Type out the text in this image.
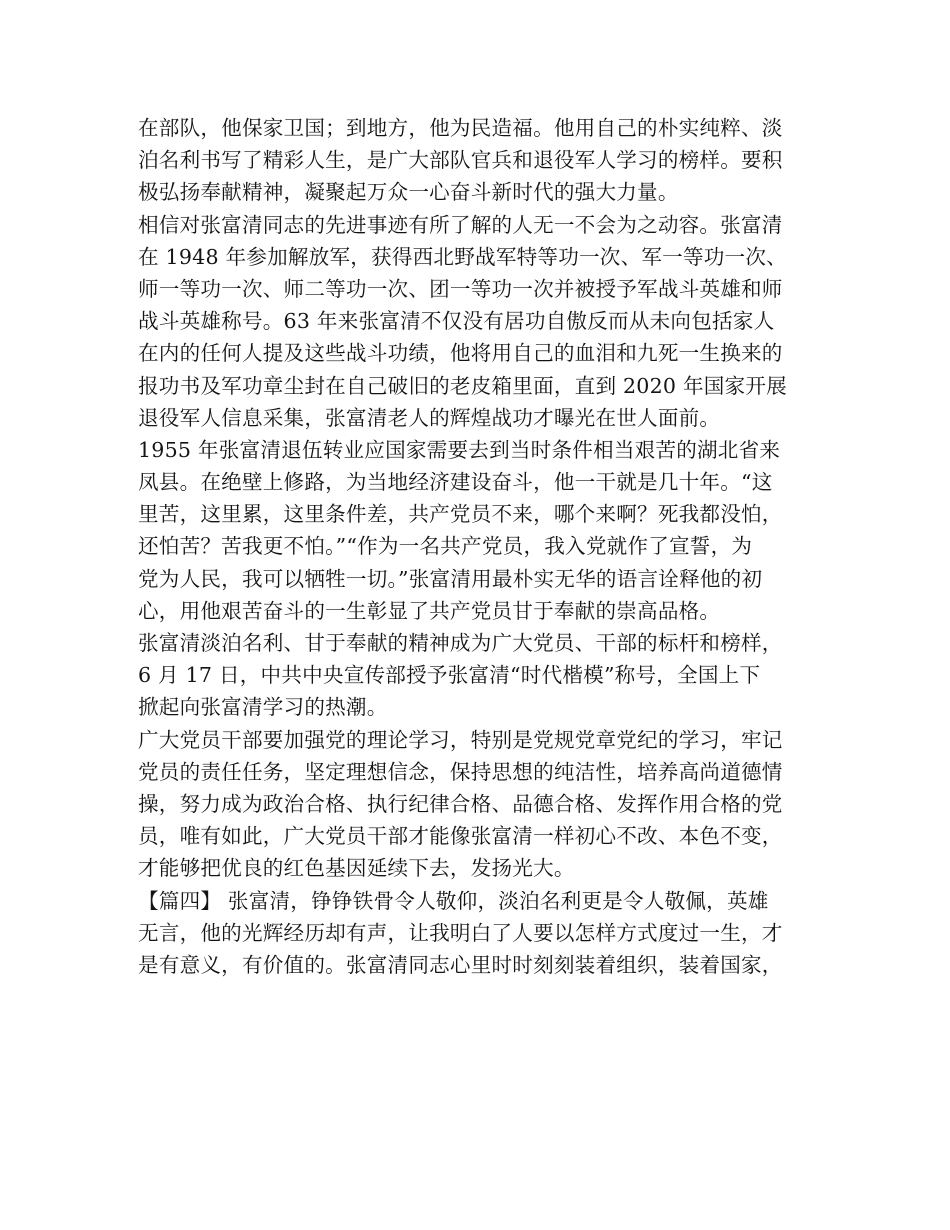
在部队，他保家卫国；到地方，他为民造福。他用自己的朴实纯粹、淡
泊名利书写了精彩人生，是广大部队官兵和退役军人学习的榜样。要积
极弘扬奉献精神，凝聚起万众一心奋斗新时代的强大力量。
相信对张富清同志的先进事迹有所了解的人无一不会为之动容。张富清
在 1948 年参加解放军，获得西北野战军特等功一次、军一等功一次、
师一等功一次、师二等功一次、团一等功一次并被授予军战斗英雄和师
战斗英雄称号。63 年来张富清不仅没有居功自傲反而从未向包括家人
在内的任何人提及这些战斗功绩，他将用自己的血泪和九死一生换来的
报功书及军功章尘封在自己破旧的老皮箱里面，直到 2020 年国家开展
退役军人信息采集，张富清老人的辉煌战功才曝光在世人面前。
1955 年张富清退伍转业应国家需要去到当时条件相当艰苦的湖北省来
凤县。在绝壁上修路，为当地经济建设奋斗，他一干就是几十年。“这
里苦，这里累，这里条件差，共产党员不来，哪个来啊？死我都没怕，
还怕苦？苦我更不怕。”“作为一名共产党员，我入党就作了宣誓，为
党为人民，我可以牺牲一切。”张富清用最朴实无华的语言诠释他的初
心，用他艰苦奋斗的一生彰显了共产党员甘于奉献的崇高品格。
张富清淡泊名利、甘于奉献的精神成为广大党员、干部的标杆和榜样，
6 月 17 日，中共中央宣传部授予张富清“时代楷模”称号，全国上下
掀起向张富清学习的热潮。
广大党员干部要加强党的理论学习，特别是党规党章党纪的学习，牢记
党员的责任任务，坚定理想信念，保持思想的纯洁性，培养高尚道德情
操，努力成为政治合格、执行纪律合格、品德合格、发挥作用合格的党
员，唯有如此，广大党员干部才能像张富清一样初心不改、本色不变，
才能够把优良的红色基因延续下去，发扬光大。
【篇四】 张富清，铮铮铁骨令人敬仰，淡泊名利更是令人敬佩，英雄
无言，他的光辉经历却有声，让我明白了人要以怎样方式度过一生，才
是有意义，有价值的。张富清同志心里时时刻刻装着组织，装着国家，
